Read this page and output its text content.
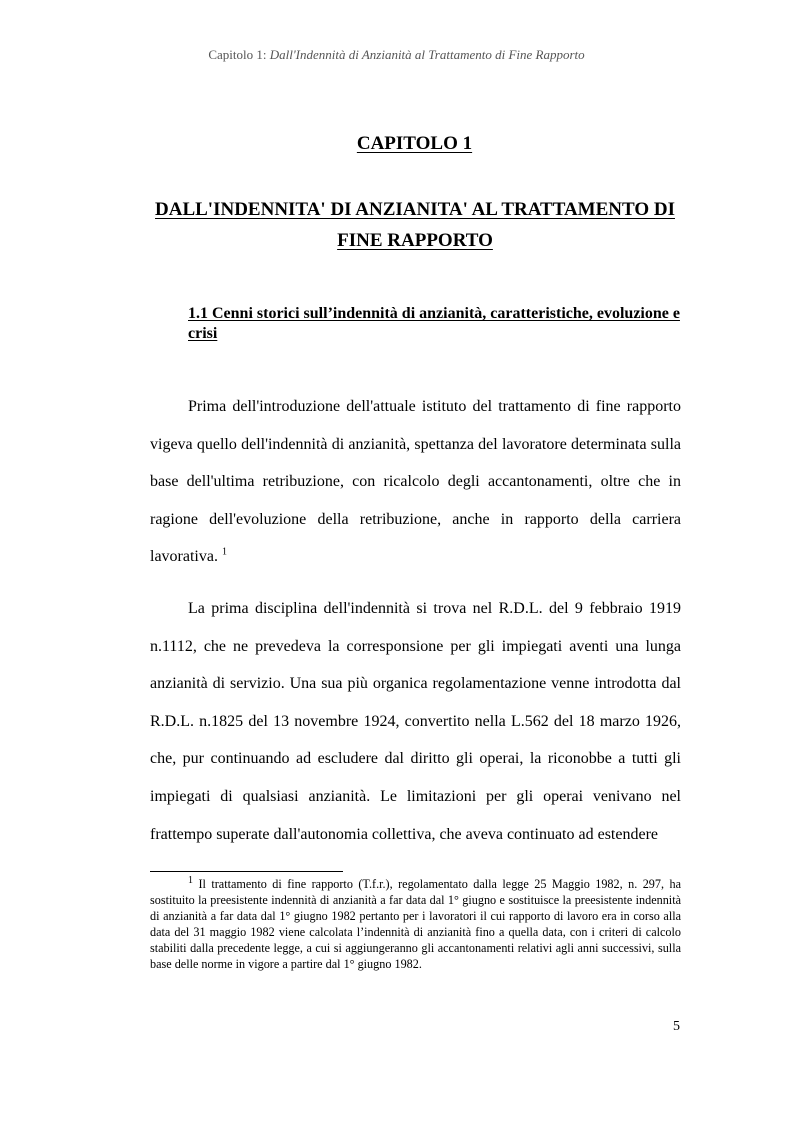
Capitolo 1: Dall'Indennità di Anzianità al Trattamento di Fine Rapporto
CAPITOLO 1
DALL'INDENNITA' DI ANZIANITA' AL TRATTAMENTO DI FINE RAPPORTO
1.1 Cenni storici sull’indennità di anzianità, caratteristiche, evoluzione e crisi

Prima dell'introduzione dell'attuale istituto del trattamento di fine rapporto vigeva quello dell'indennità di anzianità, spettanza del lavoratore determinata sulla base dell'ultima retribuzione, con ricalcolo degli accantonamenti, oltre che in ragione dell'evoluzione della retribuzione, anche in rapporto della carriera lavorativa. $^1$

La prima disciplina dell'indennità si trova nel R.D.L. del 9 febbraio 1919 n.1112, che ne prevedeva la corresponsione per gli impiegati aventi una lunga anzianità di servizio. Una sua più organica regolamentazione venne introdotta dal R.D.L. n.1825 del 13 novembre 1924, convertito nella L.562 del 18 marzo 1926, che, pur continuando ad escludere dal diritto gli operai, la riconobbe a tutti gli impiegati di qualsiasi anzianità. Le limitazioni per gli operai venivano nel frattempo superate dall'autonomia collettiva, che aveva continuato ad estendere

$^1$ Il trattamento di fine rapporto (T.f.r.), regolamentato dalla legge 25 Maggio 1982, n. 297, ha sostituito la preesistente indennità di anzianità a far data dal 1° giugno e sostituisce la preesistente indennità di anzianità a far data dal 1° giugno 1982 pertanto per i lavoratori il cui rapporto di lavoro era in corso alla data del 31 maggio 1982 viene calcolata l’indennità di anzianità fino a quella data, con i criteri di calcolo stabiliti dalla precedente legge, a cui si aggiungeranno gli accantonamenti relativi agli anni successivi, sulla base delle norme in vigore a partire dal 1° giugno 1982.

5
